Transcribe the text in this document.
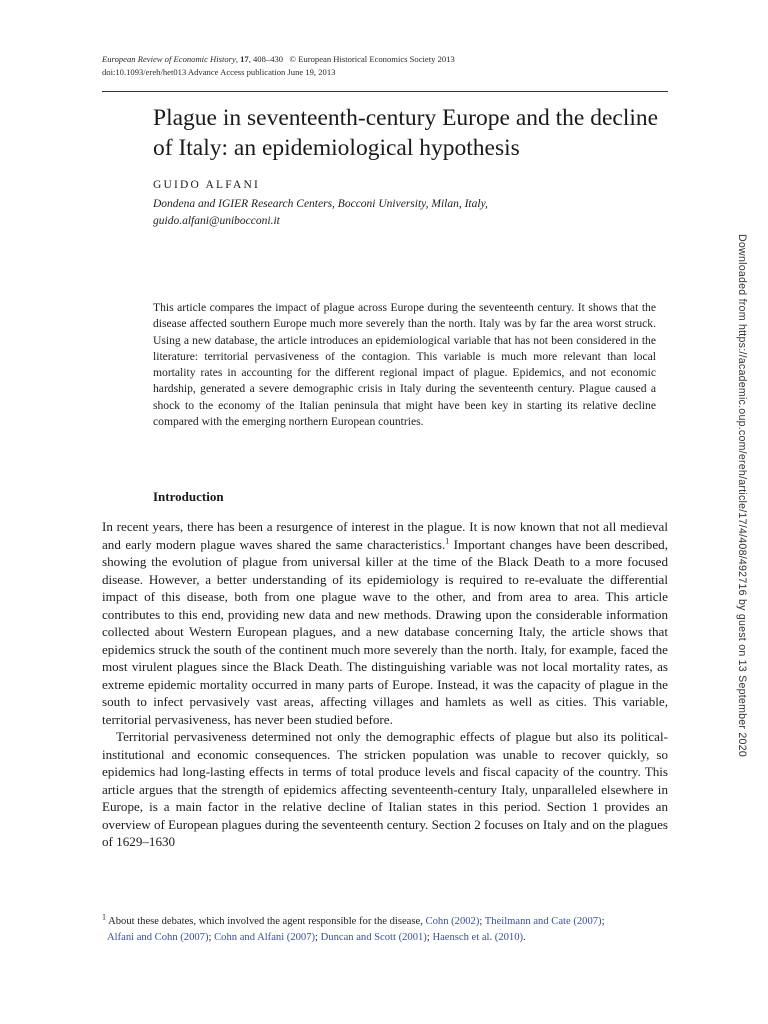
European Review of Economic History, 17, 408–430 © European Historical Economics Society 2013
doi:10.1093/ereh/het013 Advance Access publication June 19, 2013
Plague in seventeenth-century Europe and the decline of Italy: an epidemiological hypothesis
GUIDO ALFANI
Dondena and IGIER Research Centers, Bocconi University, Milan, Italy,
guido.alfani@unibocconi.it

This article compares the impact of plague across Europe during the seventeenth century. It shows that the disease affected southern Europe much more severely than the north. Italy was by far the area worst struck. Using a new database, the article introduces an epidemiological variable that has not been considered in the literature: territorial pervasiveness of the contagion. This variable is much more relevant than local mortality rates in accounting for the different regional impact of plague. Epidemics, and not economic hardship, generated a severe demographic crisis in Italy during the seventeenth century. Plague caused a shock to the economy of the Italian peninsula that might have been key in starting its relative decline compared with the emerging northern European countries.

Introduction

In recent years, there has been a resurgence of interest in the plague. It is now known that not all medieval and early modern plague waves shared the same characteristics.$^1$ Important changes have been described, showing the evolution of plague from universal killer at the time of the Black Death to a more focused disease. However, a better understanding of its epidemiology is required to re-evaluate the differential impact of this disease, both from one plague wave to the other, and from area to area. This article contributes to this end, providing new data and new methods. Drawing upon the considerable information collected about Western European plagues, and a new database concerning Italy, the article shows that epidemics struck the south of the continent much more severely than the north. Italy, for example, faced the most virulent plagues since the Black Death. The distinguishing variable was not local mortality rates, as extreme epidemic mortality occurred in many parts of Europe. Instead, it was the capacity of plague in the south to infect pervasively vast areas, affecting villages and hamlets as well as cities. This variable, territorial pervasiveness, has never been studied before.

Territorial pervasiveness determined not only the demographic effects of plague but also its political-institutional and economic consequences. The stricken population was unable to recover quickly, so epidemics had long-lasting effects in terms of total produce levels and fiscal capacity of the country. This article argues that the strength of epidemics affecting seventeenth-century Italy, unparalleled elsewhere in Europe, is a main factor in the relative decline of Italian states in this period. Section 1 provides an overview of European plagues during the seventeenth century. Section 2 focuses on Italy and on the plagues of 1629–1630

$^1$ About these debates, which involved the agent responsible for the disease, Cohn (2002); Theilmann and Cate (2007);
Alfani and Cohn (2007); Cohn and Alfani (2007); Duncan and Scott (2001); Haensch et al. (2010).
Downloaded from https://academic.oup.com/ereh/article/17/4/408/492716 by guest on 13 September 2020
